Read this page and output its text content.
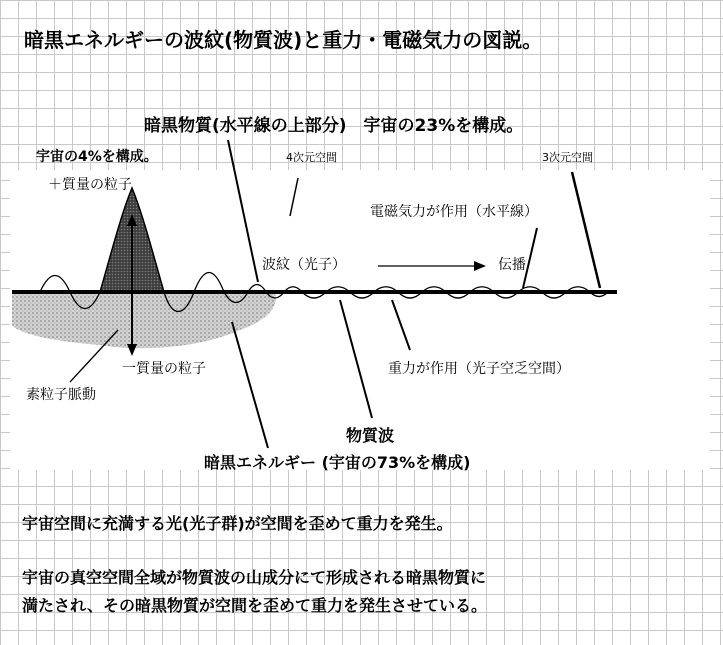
暗黒エネルギーの波紋(物質波)と重力・電磁気力の図説。
暗黒物質(水平線の上部分)　宇宙の23%を構成。
宇宙の4%を構成。	4次元空間	3次元空間
＋質量の粒子
電磁気力が作用（水平線）
波紋（光子）	伝播
一質量の粒子	重力が作用（光子空乏空間）
素粒子脈動
物質波
暗黒エネルギー (宇宙の73%を構成)
宇宙空間に充満する光(光子群)が空間を歪めて重力を発生。
宇宙の真空空間全域が物質波の山成分にて形成される暗黒物質に
満たされ、その暗黒物質が空間を歪めて重力を発生させている。
